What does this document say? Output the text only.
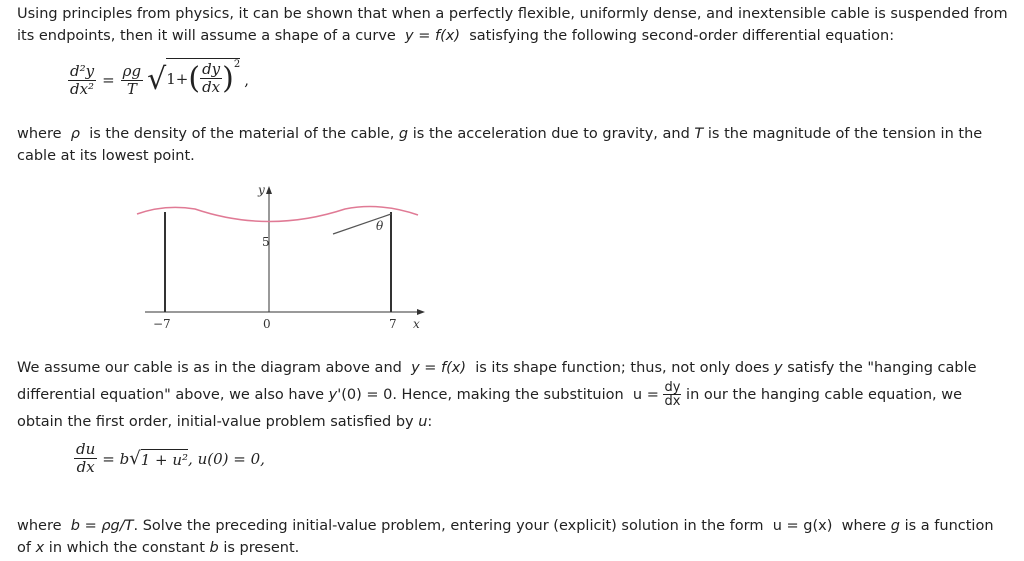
Using principles from physics, it can be shown that when a perfectly flexible, uniformly dense, and inextensible cable is suspended from its endpoints, then it will assume a shape of a curve y = f(x) satisfying the following second-order differential equation:

$\frac{\text{d²y}}{\text{dx²}} = \frac{\rho g}{T}$ √ 1+ ( $\frac{dy}{dx}$ ) 2
,

where ρ is the density of the material of the cable, g is the acceleration due to gravity, and T is the magnitude of the tension in the cable at its lowest point.

y
x
θ
5
−7	0	7
We assume our cable is as in the diagram above and y = f(x) is its shape function; thus, not only does y satisfy the "hanging cable differential equation" above, we also have y'(0) = 0. Hence, making the substituion $u = \frac{dy}{dx}$ in our the hanging cable equation, we obtain the first order, initial-value problem satisfied by u:
$\frac{du}{dx} = b$ √ 1 + u² , u(0) = 0,

where b = ρg/T. Solve the preceding initial-value problem, entering your (explicit) solution in the form u = g(x) where g is a function of x in which the constant b is present.
